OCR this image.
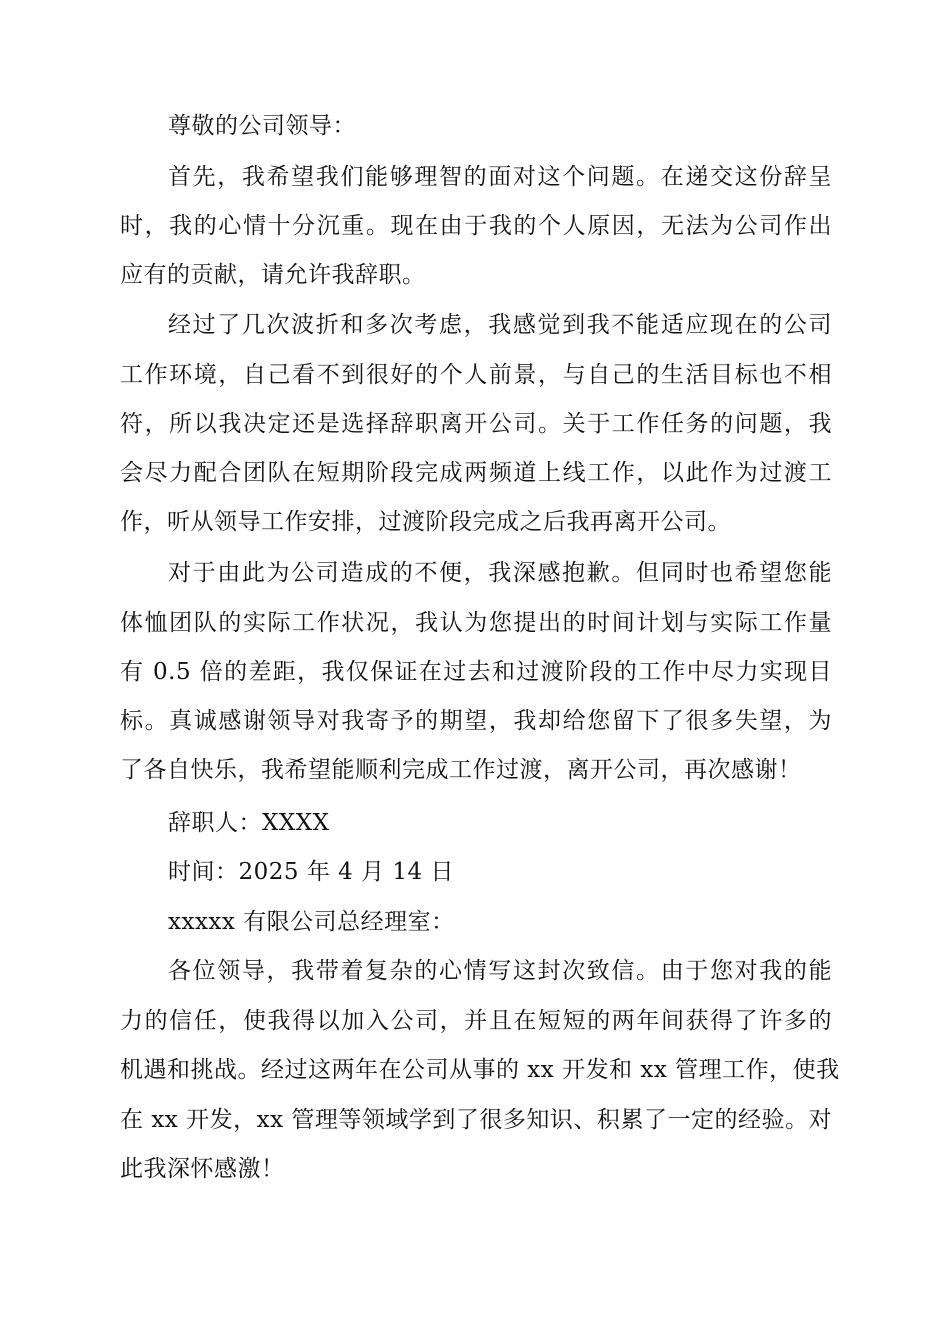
尊敬的公司领导：
首先，我希望我们能够理智的面对这个问题。在递交这份辞呈
时，我的心情十分沉重。现在由于我的个人原因，无法为公司作出
应有的贡献，请允许我辞职。
经过了几次波折和多次考虑，我感觉到我不能适应现在的公司
工作环境，自己看不到很好的个人前景，与自己的生活目标也不相
符，所以我决定还是选择辞职离开公司。关于工作任务的问题，我
会尽力配合团队在短期阶段完成两频道上线工作，以此作为过渡工
作，听从领导工作安排，过渡阶段完成之后我再离开公司。
对于由此为公司造成的不便，我深感抱歉。但同时也希望您能
体恤团队的实际工作状况，我认为您提出的时间计划与实际工作量
有 0.5 倍的差距，我仅保证在过去和过渡阶段的工作中尽力实现目
标。真诚感谢领导对我寄予的期望，我却给您留下了很多失望，为
了各自快乐，我希望能顺利完成工作过渡，离开公司，再次感谢！
辞职人：XXXX
时间：2025 年 4 月 14 日
xxxxx 有限公司总经理室：
各位领导，我带着复杂的心情写这封次致信。由于您对我的能
力的信任，使我得以加入公司，并且在短短的两年间获得了许多的
机遇和挑战。经过这两年在公司从事的 xx 开发和 xx 管理工作，使我
在 xx 开发，xx 管理等领域学到了很多知识、积累了一定的经验。对
此我深怀感激！
